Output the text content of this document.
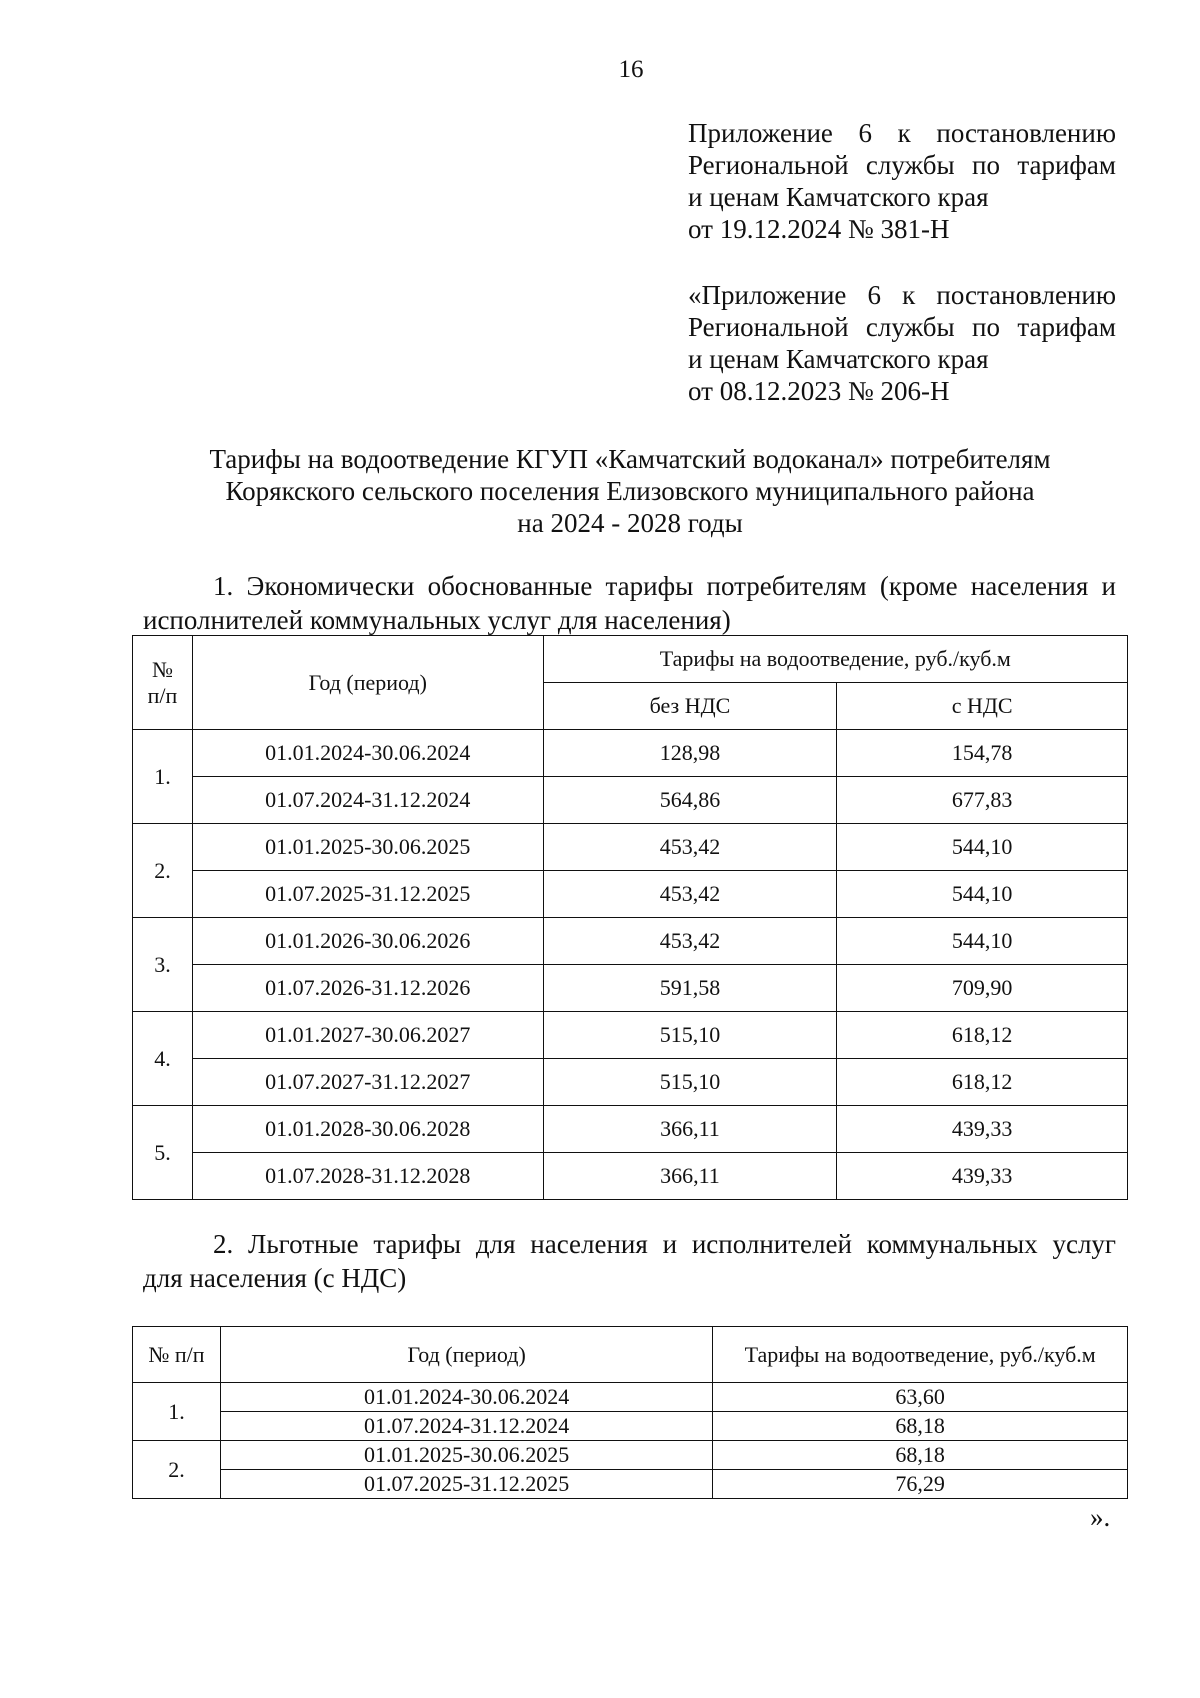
16
Приложение 6 к постановлению
Региональной службы по тарифам
и ценам Камчатского края
от 19.12.2024 № 381-Н
«Приложение 6 к постановлению
Региональной службы по тарифам
и ценам Камчатского края
от 08.12.2023 № 206-Н
Тарифы на водоотведение КГУП «Камчатский водоканал» потребителям
Корякского сельского поселения Елизовского муниципального района
на 2024 - 2028 годы
1. Экономически обоснованные тарифы потребителям (кроме населения и
исполнителей коммунальных услуг для населения)
№
п/п	Год (период)	Тарифы на водоотведение, руб./куб.м	
		без НДС	с НДС
1.	01.01.2024-30.06.2024	128,98	154,78
	01.07.2024-31.12.2024	564,86	677,83
2.	01.01.2025-30.06.2025	453,42	544,10
	01.07.2025-31.12.2025	453,42	544,10
3.	01.01.2026-30.06.2026	453,42	544,10
	01.07.2026-31.12.2026	591,58	709,90
4.	01.01.2027-30.06.2027	515,10	618,12
	01.07.2027-31.12.2027	515,10	618,12
5.	01.01.2028-30.06.2028	366,11	439,33
	01.07.2028-31.12.2028	366,11	439,33
2. Льготные тарифы для населения и исполнителей коммунальных услуг
для населения (с НДС)
№ п/п	Год (период)	Тарифы на водоотведение, руб./куб.м
1.	01.01.2024-30.06.2024	63,60
	01.07.2024-31.12.2024	68,18
2.	01.01.2025-30.06.2025	68,18
	01.07.2025-31.12.2025	76,29
».
